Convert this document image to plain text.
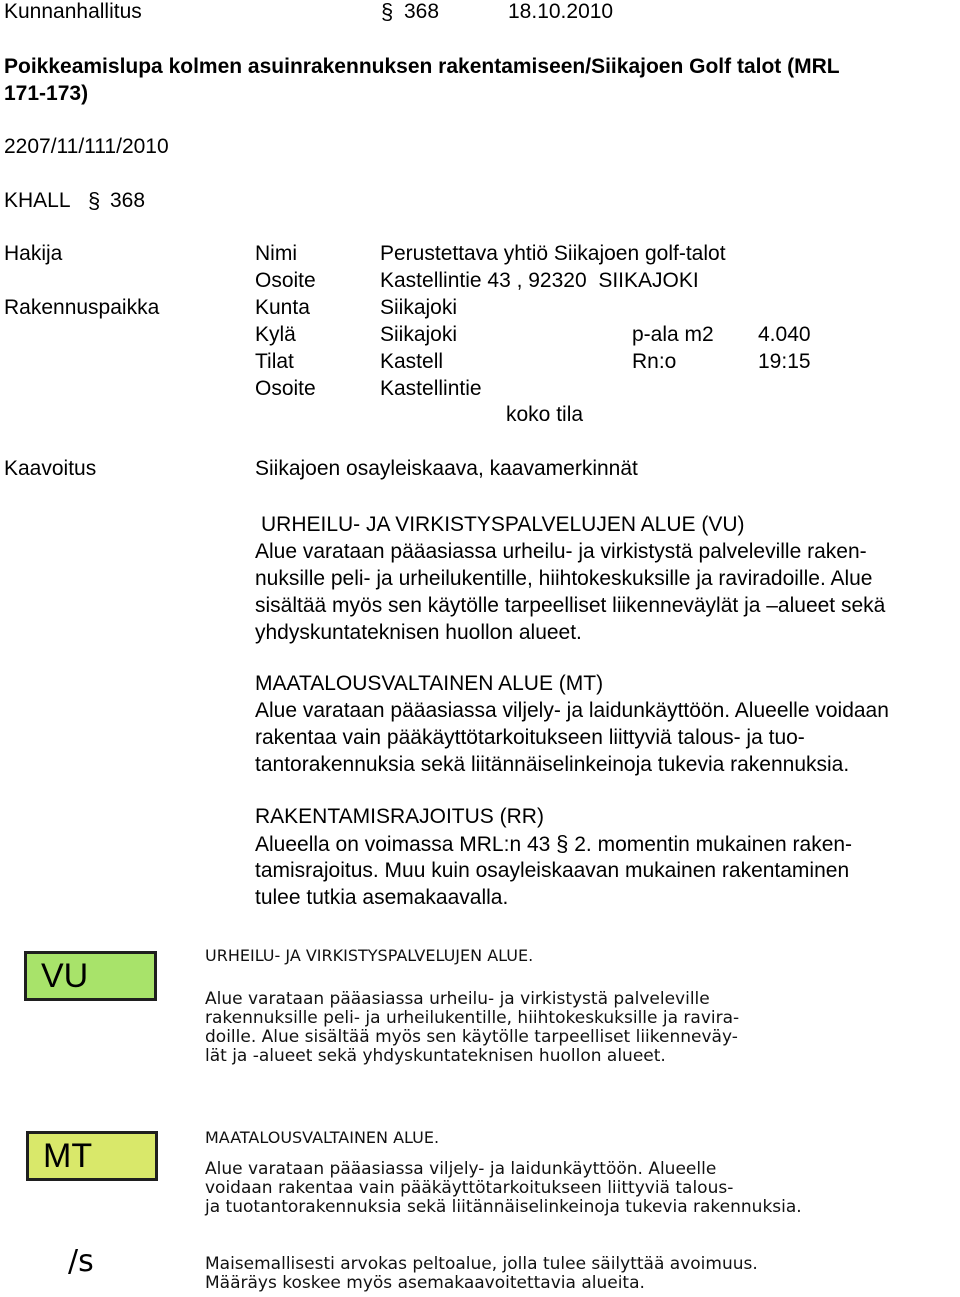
Kunnanhallitus	§ 368	18.10.2010
Poikkeamislupa kolmen asuinrakennuksen rakentamiseen/Siikajoen Golf talot (MRL
171-173)
2207/11/111/2010
KHALL § 368
Hakija	Nimi	Perustettava yhtiö Siikajoen golf-talot
Osoite	Kastellintie 43 , 92320  SIIKAJOKI
Rakennuspaikka	Kunta	Siikajoki
Kylä	Siikajoki	p-ala m2 4.040
Tilat	Kastell	Rn:o	19:15
Osoite	Kastellintie
koko tila
Kaavoitus	Siikajoen osayleiskaava, kaavamerkinnät
URHEILU- JA VIRKISTYSPALVELUJEN ALUE (VU)
Alue varataan pääasiassa urheilu- ja virkistystä palveleville raken-
nuksille peli- ja urheilukentille, hiihtokeskuksille ja raviradoille. Alue
sisältää myös sen käytölle tarpeelliset liikenneväylät ja –alueet sekä
yhdyskuntateknisen huollon alueet.
MAATALOUSVALTAINEN ALUE (MT)
Alue varataan pääasiassa viljely- ja laidunkäyttöön. Alueelle voidaan
rakentaa vain pääkäyttötarkoitukseen liittyviä talous- ja tuo-
tantorakennuksia sekä liitännäiselinkeinoja tukevia rakennuksia.
RAKENTAMISRAJOITUS (RR)
Alueella on voimassa MRL:n 43 § 2. momentin mukainen raken-
tamisrajoitus. Muu kuin osayleiskaavan mukainen rakentaminen
tulee tutkia asemakaavalla.
VU
URHEILU- JA VIRKISTYSPALVELUJEN ALUE.
Alue varataan pääasiassa urheilu- ja virkistystä palveleville
rakennuksille peli- ja urheilukentille, hiihtokeskuksille ja ravira-
doille. Alue sisältää myös sen käytölle tarpeelliset liikenneväy-
lät ja -alueet sekä yhdyskuntateknisen huollon alueet.
MT	MAATALOUSVALTAINEN ALUE.
Alue varataan pääasiassa viljely- ja laidunkäyttöön. Alueelle
voidaan rakentaa vain pääkäyttötarkoitukseen liittyviä talous-
ja tuotantorakennuksia sekä liitännäiselinkeinoja tukevia rakennuksia.
/s	Maisemallisesti arvokas peltoalue, jolla tulee säilyttää avoimuus.
Määräys koskee myös asemakaavoitettavia alueita.
